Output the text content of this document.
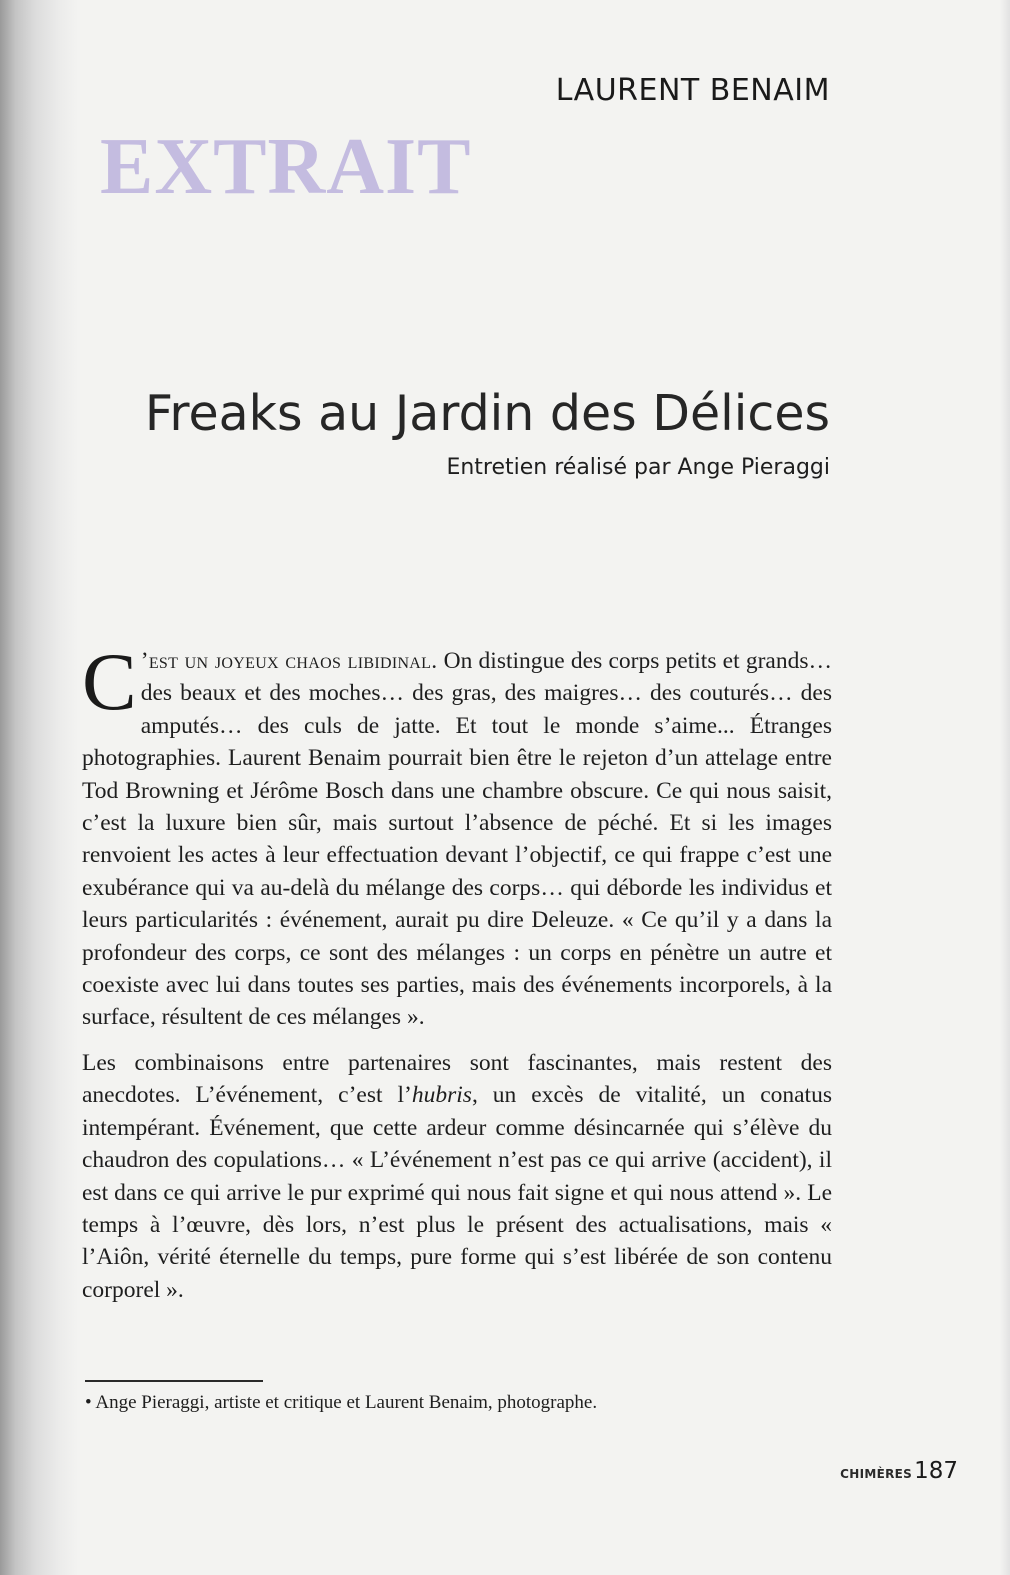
LAURENT BENAIM
EXTRAIT
Freaks au Jardin des Délices
Entretien réalisé par Ange Pieraggi

C ’est un joyeux chaos libidinal. On distingue des corps petits et grands… des beaux et des moches… des gras, des maigres… des couturés… des amputés… des culs de jatte. Et tout le monde s’aime... Étranges photographies. Laurent Benaim pourrait bien être le rejeton d’un attelage entre Tod Browning et Jérôme Bosch dans une chambre obscure. Ce qui nous saisit, c’est la luxure bien sûr, mais surtout l’absence de péché. Et si les images renvoient les actes à leur effectuation devant l’objectif, ce qui frappe c’est une exubérance qui va au-delà du mélange des corps… qui déborde les individus et leurs particularités : événement, aurait pu dire Deleuze. « Ce qu’il y a dans la profondeur des corps, ce sont des mélanges : un corps en pénètre un autre et coexiste avec lui dans toutes ses parties, mais des événements incorporels, à la surface, résultent de ces mélanges ».

Les combinaisons entre partenaires sont fascinantes, mais restent des anecdotes. L’événement, c’est l’hubris, un excès de vitalité, un conatus intempérant. Événement, que cette ardeur comme désincarnée qui s’élève du chaudron des copulations… « L’événement n’est pas ce qui arrive (accident), il est dans ce qui arrive le pur exprimé qui nous fait signe et qui nous attend ». Le temps à l’œuvre, dès lors, n’est plus le présent des actualisations, mais « l’Aiôn, vérité éternelle du temps, pure forme qui s’est libérée de son contenu corporel ».

• Ange Pieraggi, artiste et critique et Laurent Benaim, photographe.
CHIMÈRES187
